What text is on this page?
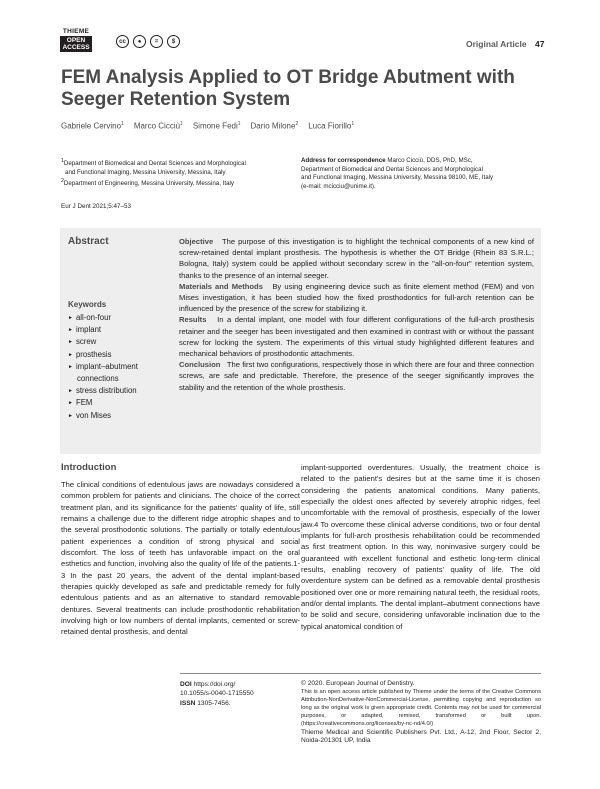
THIEME
OPEN
ACCESS
cc	●	=	$	Original Article 47
FEM Analysis Applied to OT Bridge Abutment with Seeger Retention System
Gabriele Cervino$^1$ Marco Cicciù$^1$ Simone Fedi$^1$ Dario Milone$^2$ Luca Fiorillo$^1$

$^1$Department of Biomedical and Dental Sciences and Morphological

and Functional Imaging, Messina University, Messina, Italy

$^2$Department of Engineering, Messina University, Messina, Italy

Address for correspondence Marco Cicciù, DDS, PhD, MSc,

Department of Biomedical and Dental Sciences and Morphological

and Functional Imaging, Messina University, Messina 98100, ME, Italy

(e-mail: mcicciu@unime.it).

Eur J Dent 2021;5:47–53
Abstract
Keywords
► all-on-four
► implant
► screw
► prosthesis
► implant–abutment
connections
► stress distribution
► FEM
► von Mises

Objective The purpose of this investigation is to highlight the technical components of a new kind of screw-retained dental implant prosthesis. The hypothesis is whether the OT Bridge (Rhein 83 S.R.L.; Bologna, Italy) system could be applied without secondary screw in the "all-on-four" retention system, thanks to the presence of an internal seeger.

Materials and Methods By using engineering device such as finite element method (FEM) and von Mises investigation, it has been studied how the fixed prosthodontics for full-arch retention can be influenced by the presence of the screw for stabilizing it.

Results In a dental implant, one model with four different configurations of the full-arch prosthesis retainer and the seeger has been investigated and then examined in contrast with or without the passant screw for locking the system. The experiments of this virtual study highlighted different features and mechanical behaviors of prosthodontic attachments.

Conclusion The first two configurations, respectively those in which there are four and three connection screws, are safe and predictable. Therefore, the presence of the seeger significantly improves the stability and the retention of the whole prosthesis.

Introduction

The clinical conditions of edentulous jaws are nowadays considered a common problem for patients and clinicians. The choice of the correct treatment plan, and its significance for the patients' quality of life, still remains a challenge due to the different ridge atrophic shapes and to the several prosthodontic solutions. The partially or totally edentulous patient experiences a condition of strong physical and social discomfort. The loss of teeth has unfavorable impact on the oral esthetics and function, involving also the quality of life of the patients.1-3 In the past 20 years, the advent of the dental implant-based therapies quickly developed as safe and predictable remedy for fully edentulous patients and as an alternative to standard removable dentures. Several treatments can include prosthodontic rehabilitation involving high or low numbers of dental implants, cemented or screw-retained dental prosthesis, and dental

implant-supported overdentures. Usually, the treatment choice is related to the patient's desires but at the same time it is chosen considering the patients anatomical conditions. Many patients, especially the oldest ones affected by severely atrophic ridges, feel uncomfortable with the removal of prosthesis, especially of the lower jaw.4 To overcome these clinical adverse conditions, two or four dental implants for full-arch prosthesis rehabilitation could be recommended as first treatment option. In this way, noninvasive surgery could be guaranteed with excellent functional and esthetic long-term clinical results, enabling recovery of patients' quality of life. The old overdenture system can be defined as a removable dental prosthesis positioned over one or more remaining natural teeth, the residual roots, and/or dental implants. The dental implant–abutment connections have to be solid and secure, considering unfavorable inclination due to the typical anatomical condition of

DOI https://doi.org/
10.1055/s-0040-1715550
ISSN 1305-7456.
© 2020. European Journal of Dentistry.
This is an open access article published by Thieme under the terms of the Creative Commons Attribution-NonDerivative-NonCommercial-License, permitting copying and reproduction so long as the original work is given appropriate credit. Contents may not be used for commercial purposes, or adapted, remixed, transformed or built upon. (https://creativecommons.org/licenses/by-nc-nd/4.0/)
Thieme Medical and Scientific Publishers Pvt. Ltd., A-12, 2nd Floor, Sector 2, Noida-201301 UP, India
